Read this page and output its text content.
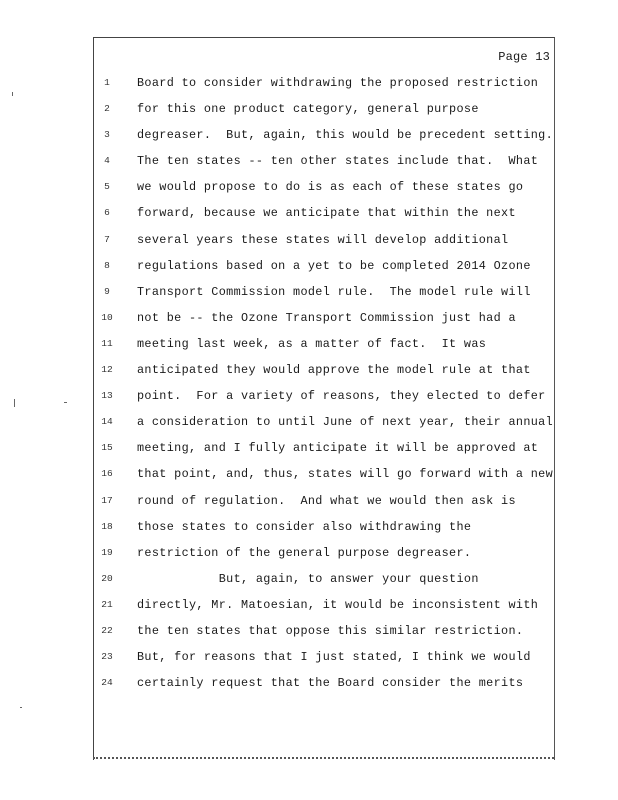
Page 13
1	Board to consider withdrawing the proposed restriction
2	for this one product category, general purpose
3	degreaser.  But, again, this would be precedent setting.
4	The ten states -- ten other states include that.  What
5	we would propose to do is as each of these states go
6	forward, because we anticipate that within the next
7	several years these states will develop additional
8	regulations based on a yet to be completed 2014 Ozone
9	Transport Commission model rule.  The model rule will
10 not be -- the Ozone Transport Commission just had a
11 meeting last week, as a matter of fact.  It was
12 anticipated they would approve the model rule at that
13 point.  For a variety of reasons, they elected to defer
14 a consideration to until June of next year, their annual
15 meeting, and I fully anticipate it will be approved at
16 that point, and, thus, states will go forward with a new
17 round of regulation.  And what we would then ask is
18 those states to consider also withdrawing the
19 restriction of the general purpose degreaser.
20 But, again, to answer your question
21 directly, Mr. Matoesian, it would be inconsistent with
22 the ten states that oppose this similar restriction.
23 But, for reasons that I just stated, I think we would
24 certainly request that the Board consider the merits
